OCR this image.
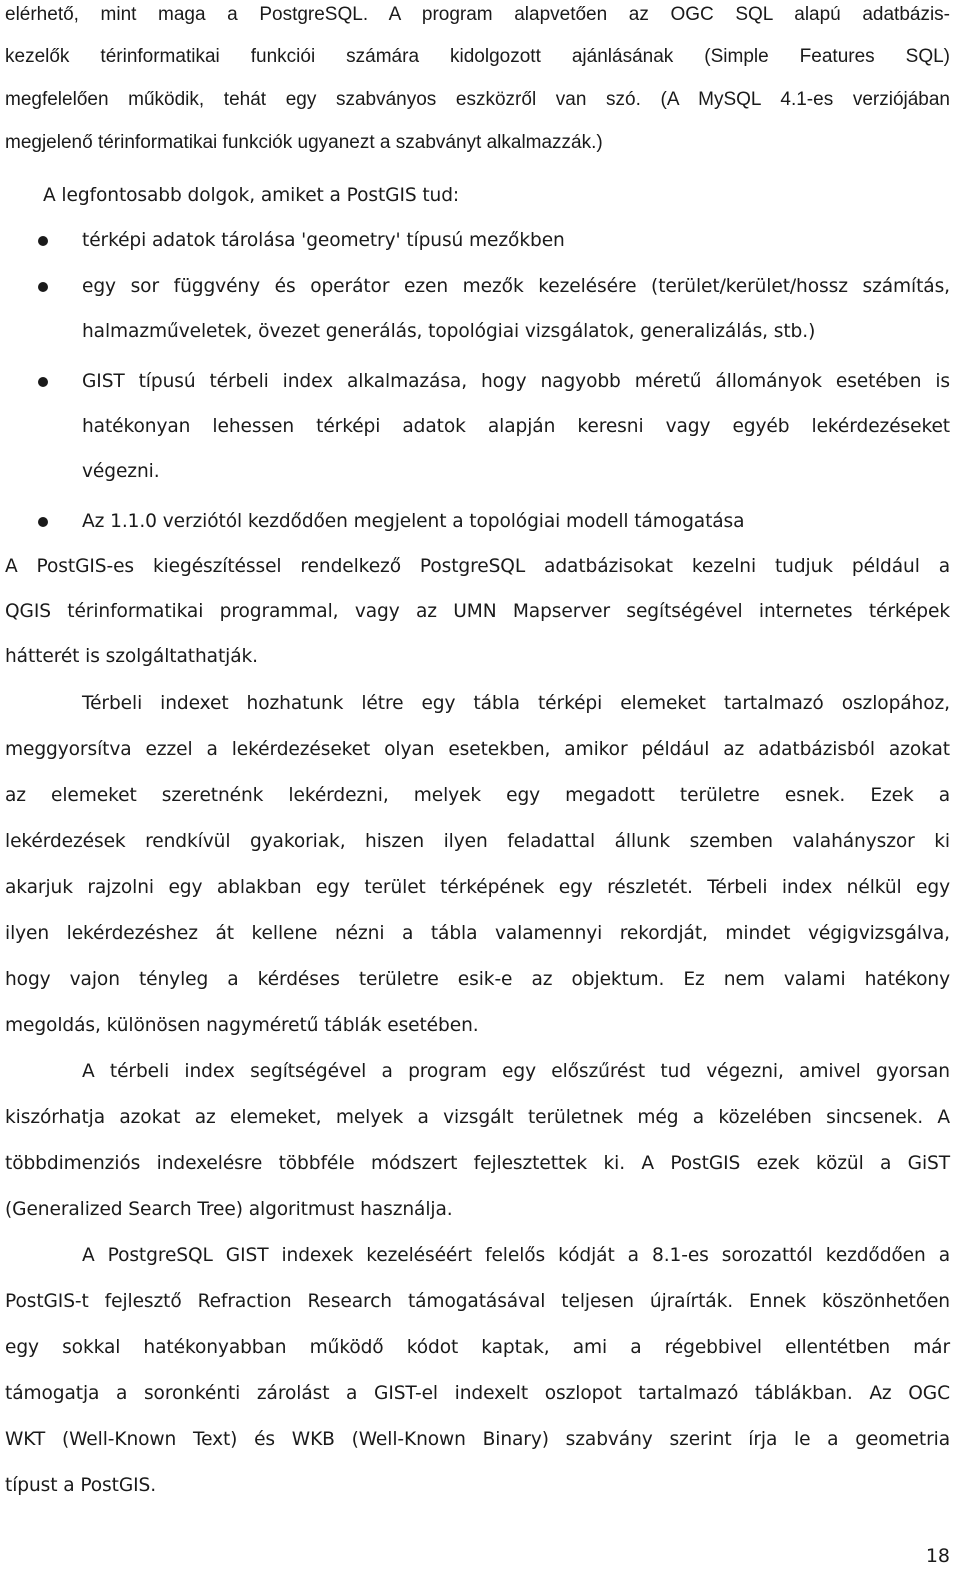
elérhető, mint maga a PostgreSQL. A program alapvetően az OGC SQL alapú adatbázis-
kezelők térinformatikai funkciói számára kidolgozott ajánlásának (Simple Features SQL)
megfelelően működik, tehát egy szabványos eszközről van szó. (A MySQL 4.1-es verziójában
megjelenő térinformatikai funkciók ugyanezt a szabványt alkalmazzák.)
A legfontosabb dolgok, amiket a PostGIS tud:
térképi adatok tárolása 'geometry' típusú mezőkben
egy sor függvény és operátor ezen mezők kezelésére (terület/kerület/hossz számítás,
halmazműveletek, övezet generálás, topológiai vizsgálatok, generalizálás, stb.)
GIST típusú térbeli index alkalmazása, hogy nagyobb méretű állományok esetében is
hatékonyan lehessen térképi adatok alapján keresni vagy egyéb lekérdezéseket
végezni.
Az 1.1.0 verziótól kezdődően megjelent a topológiai modell támogatása
A PostGIS-es kiegészítéssel rendelkező PostgreSQL adatbázisokat kezelni tudjuk például a
QGIS térinformatikai programmal, vagy az UMN Mapserver segítségével internetes térképek
hátterét is szolgáltathatják.
Térbeli indexet hozhatunk létre egy tábla térképi elemeket tartalmazó oszlopához,
meggyorsítva ezzel a lekérdezéseket olyan esetekben, amikor például az adatbázisból azokat
az elemeket szeretnénk lekérdezni, melyek egy megadott területre esnek. Ezek a
lekérdezések rendkívül gyakoriak, hiszen ilyen feladattal állunk szemben valahányszor ki
akarjuk rajzolni egy ablakban egy terület térképének egy részletét. Térbeli index nélkül egy
ilyen lekérdezéshez át kellene nézni a tábla valamennyi rekordját, mindet végigvizsgálva,
hogy vajon tényleg a kérdéses területre esik-e az objektum. Ez nem valami hatékony
megoldás, különösen nagyméretű táblák esetében.
A térbeli index segítségével a program egy előszűrést tud végezni, amivel gyorsan
kiszórhatja azokat az elemeket, melyek a vizsgált területnek még a közelében sincsenek. A
többdimenziós indexelésre többféle módszert fejlesztettek ki. A PostGIS ezek közül a GiST
(Generalized Search Tree) algoritmust használja.
A PostgreSQL GIST indexek kezeléséért felelős kódját a 8.1-es sorozattól kezdődően a
PostGIS-t fejlesztő Refraction Research támogatásával teljesen újraírták. Ennek köszönhetően
egy sokkal hatékonyabban működő kódot kaptak, ami a régebbivel ellentétben már
támogatja a soronkénti zárolást a GIST-el indexelt oszlopot tartalmazó táblákban. Az OGC
WKT (Well-Known Text) és WKB (Well-Known Binary) szabvány szerint írja le a geometria
típust a PostGIS.
18
